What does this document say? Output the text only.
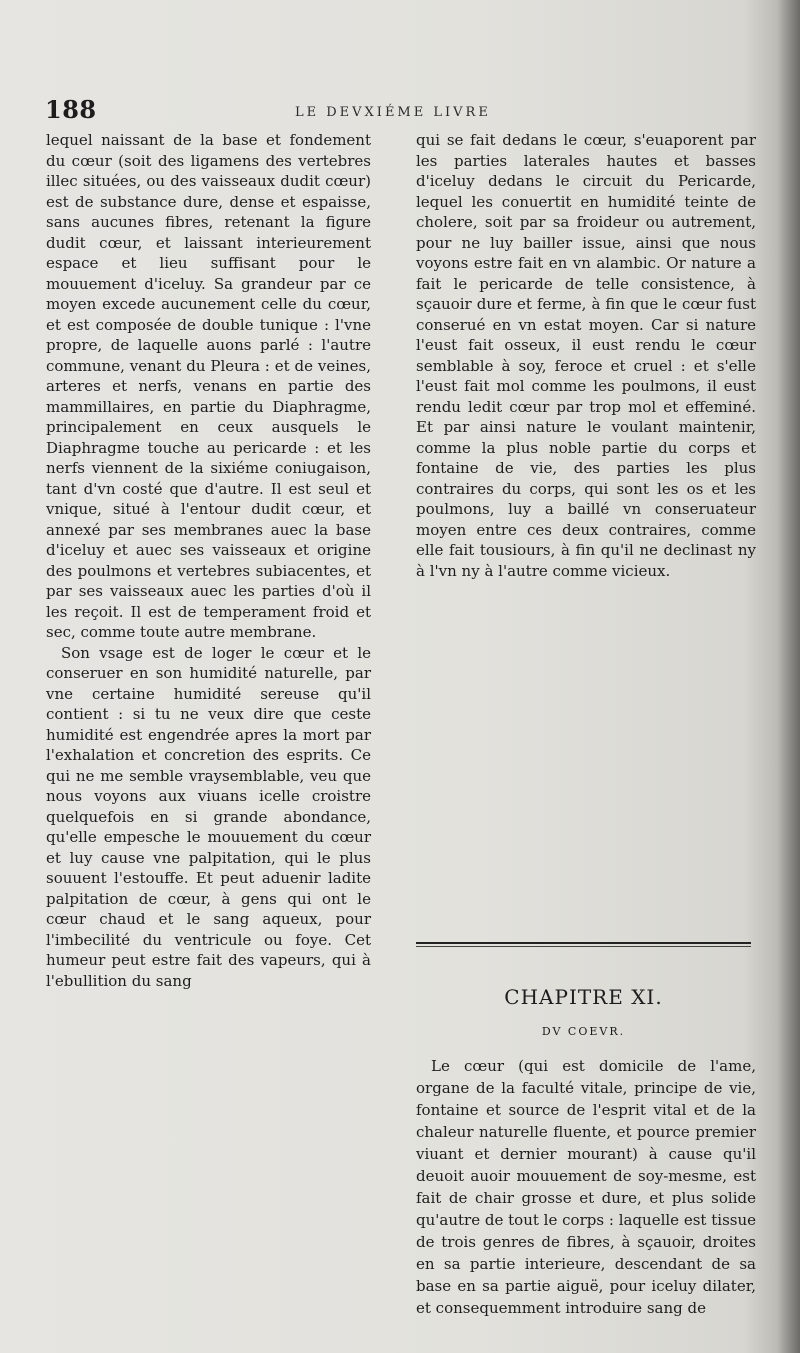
188	LE DEVXIÉME LIVRE

lequel naissant de la base et fondement du cœur (soit des ligamens des vertebres illec situées, ou des vaisseaux dudit cœur) est de substance dure, dense et espaisse, sans aucunes fibres, retenant la figure dudit cœur, et laissant interieurement espace et lieu suffisant pour le mouuement d'iceluy. Sa grandeur par ce moyen excede aucunement celle du cœur, et est composée de double tunique : l'vne propre, de laquelle auons parlé : l'autre commune, venant du Pleura : et de veines, arteres et nerfs, venans en partie des mammillaires, en partie du Diaphragme, principalement en ceux ausquels le Diaphragme touche au pericarde : et les nerfs viennent de la sixiéme coniugaison, tant d'vn costé que d'autre. Il est seul et vnique, situé à l'entour dudit cœur, et annexé par ses membranes auec la base d'iceluy et auec ses vaisseaux et origine des poulmons et vertebres subiacentes, et par ses vaisseaux auec les parties d'où il les reçoit. Il est de temperament froid et sec, comme toute autre membrane.

Son vsage est de loger le cœur et le conseruer en son humidité naturelle, par vne certaine humidité sereuse qu'il contient : si tu ne veux dire que ceste humidité est engendrée apres la mort par l'exhalation et concretion des esprits. Ce qui ne me semble vraysemblable, veu que nous voyons aux viuans icelle croistre quelquefois en si grande abondance, qu'elle empesche le mouuement du cœur et luy cause vne palpitation, qui le plus souuent l'estouffe. Et peut aduenir ladite palpitation de cœur, à gens qui ont le cœur chaud et le sang aqueux, pour l'imbecilité du ventricule ou foye. Cet humeur peut estre fait des vapeurs, qui à l'ebullition du sang

qui se fait dedans le cœur, s'euaporent par les parties laterales hautes et basses d'iceluy dedans le circuit du Pericarde, lequel les conuertit en humidité teinte de cholere, soit par sa froideur ou autrement, pour ne luy bailler issue, ainsi que nous voyons estre fait en vn alambic. Or nature a fait le pericarde de telle consistence, à sçauoir dure et ferme, à fin que le cœur fust conserué en vn estat moyen. Car si nature l'eust fait osseux, il eust rendu le cœur semblable à soy, feroce et cruel : et s'elle l'eust fait mol comme les poulmons, il eust rendu ledit cœur par trop mol et effeminé. Et par ainsi nature le voulant maintenir, comme la plus noble partie du corps et fontaine de vie, des parties les plus contraires du corps, qui sont les os et les poulmons, luy a baillé vn conseruateur moyen entre ces deux contraires, comme elle fait tousiours, à fin qu'il ne declinast ny à l'vn ny à l'autre comme vicieux.

CHAPITRE XI.
DV COEVR.

Le cœur (qui est domicile de l'ame, organe de la faculté vitale, principe de vie, fontaine et source de l'esprit vital et de la chaleur naturelle fluente, et pource premier viuant et dernier mourant) à cause qu'il deuoit auoir mouuement de soy-mesme, est fait de chair grosse et dure, et plus solide qu'autre de tout le corps : laquelle est tissue de trois genres de fibres, à sçauoir, droites en sa partie interieure, descendant de sa base en sa partie aiguë, pour iceluy dilater, et consequemment introduire sang de
